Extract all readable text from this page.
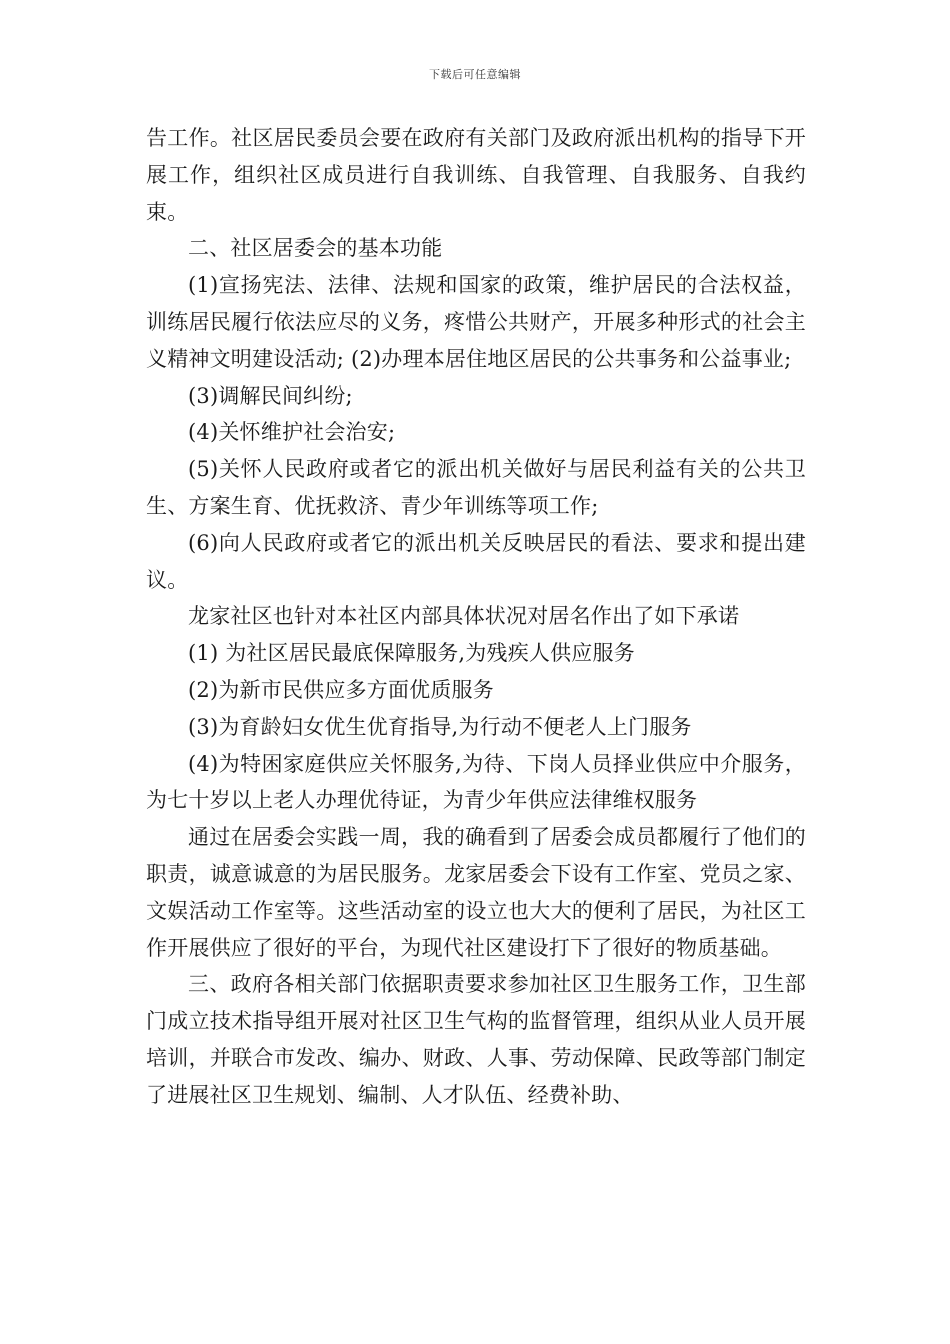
下载后可任意编辑

告工作。社区居民委员会要在政府有关部门及政府派出机构的指导下开展工作，组织社区成员进行自我训练、自我管理、自我服务、自我约束。

二、社区居委会的基本功能

(1)宣扬宪法、法律、法规和国家的政策，维护居民的合法权益，训练居民履行依法应尽的义务，疼惜公共财产，开展多种形式的社会主义精神文明建设活动; (2)办理本居住地区居民的公共事务和公益事业;

(3)调解民间纠纷;

(4)关怀维护社会治安;

(5)关怀人民政府或者它的派出机关做好与居民利益有关的公共卫生、方案生育、优抚救济、青少年训练等项工作;

(6)向人民政府或者它的派出机关反映居民的看法、要求和提出建议。

龙家社区也针对本社区内部具体状况对居名作出了如下承诺

(1) 为社区居民最底保障服务,为残疾人供应服务

(2)为新市民供应多方面优质服务

(3)为育龄妇女优生优育指导,为行动不便老人上门服务

(4)为特困家庭供应关怀服务,为待、下岗人员择业供应中介服务，为七十岁以上老人办理优待证，为青少年供应法律维权服务

通过在居委会实践一周，我的确看到了居委会成员都履行了他们的职责，诚意诚意的为居民服务。龙家居委会下设有工作室、党员之家、文娱活动工作室等。这些活动室的设立也大大的便利了居民，为社区工作开展供应了很好的平台，为现代社区建设打下了很好的物质基础。

三、政府各相关部门依据职责要求参加社区卫生服务工作，卫生部门成立技术指导组开展对社区卫生气构的监督管理，组织从业人员开展培训，并联合市发改、编办、财政、人事、劳动保障、民政等部门制定了进展社区卫生规划、编制、人才队伍、经费补助、
